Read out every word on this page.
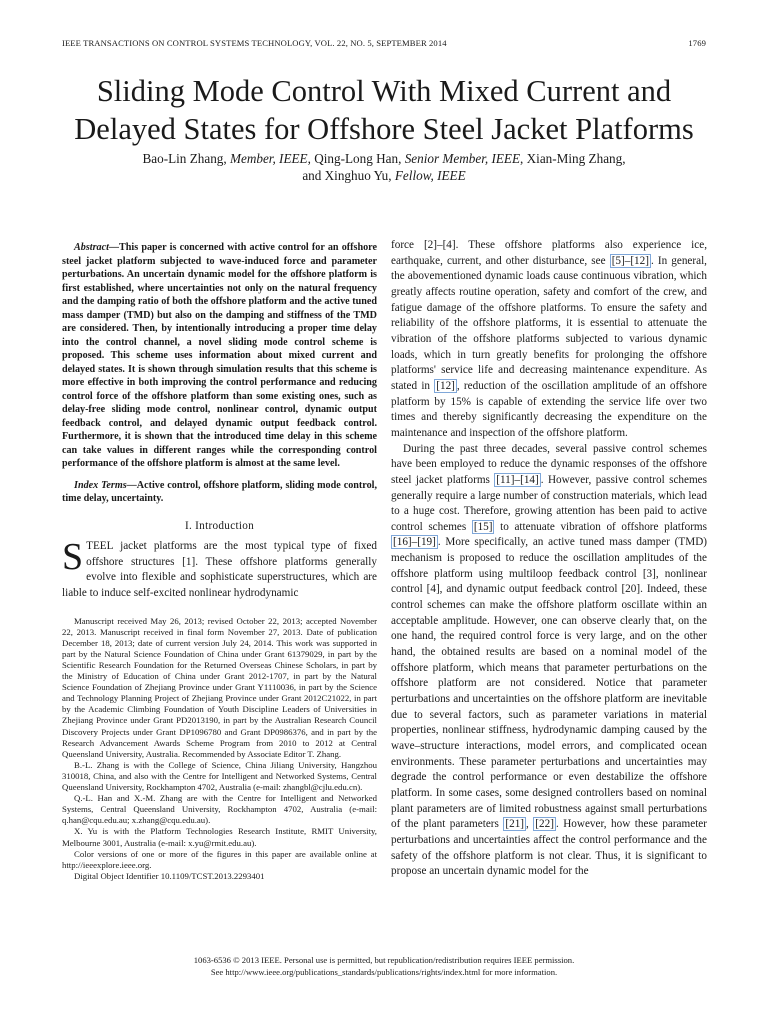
IEEE TRANSACTIONS ON CONTROL SYSTEMS TECHNOLOGY, VOL. 22, NO. 5, SEPTEMBER 2014	1769
Sliding Mode Control With Mixed Current and
Delayed States for Offshore Steel Jacket Platforms
Bao-Lin Zhang, Member, IEEE, Qing-Long Han, Senior Member, IEEE, Xian-Ming Zhang,
and Xinghuo Yu, Fellow, IEEE

Abstract—This paper is concerned with active control for an offshore steel jacket platform subjected to wave-induced force and parameter perturbations. An uncertain dynamic model for the offshore platform is first established, where uncertainties not only on the natural frequency and the damping ratio of both the offshore platform and the active tuned mass damper (TMD) but also on the damping and stiffness of the TMD are considered. Then, by intentionally introducing a proper time delay into the control channel, a novel sliding mode control scheme is proposed. This scheme uses information about mixed current and delayed states. It is shown through simulation results that this scheme is more effective in both improving the control performance and reducing control force of the offshore platform than some existing ones, such as delay-free sliding mode control, nonlinear control, dynamic output feedback control, and delayed dynamic output feedback control. Furthermore, it is shown that the introduced time delay in this scheme can take values in different ranges while the corresponding control performance of the offshore platform is almost at the same level.

Index Terms—Active control, offshore platform, sliding mode control, time delay, uncertainty.

I. Introduction

STEEL jacket platforms are the most typical type of fixed offshore structures [1]. These offshore platforms generally evolve into flexible and sophisticate superstructures, which are liable to induce self-excited nonlinear hydrodynamic

Manuscript received May 26, 2013; revised October 22, 2013; accepted November 22, 2013. Manuscript received in final form November 27, 2013. Date of publication December 18, 2013; date of current version July 24, 2014. This work was supported in part by the Natural Science Foundation of China under Grant 61379029, in part by the Scientific Research Foundation for the Returned Overseas Chinese Scholars, in part by the Ministry of Education of China under Grant 2012-1707, in part by the Natural Science Foundation of Zhejiang Province under Grant Y1110036, in part by the Science and Technology Planning Project of Zhejiang Province under Grant 2012C21022, in part by the Academic Climbing Foundation of Youth Discipline Leaders of Universities in Zhejiang Province under Grant PD2013190, in part by the Australian Research Council Discovery Projects under Grant DP1096780 and Grant DP0986376, and in part by the Research Advancement Awards Scheme Program from 2010 to 2012 at Central Queensland University, Australia. Recommended by Associate Editor T. Zhang.

B.-L. Zhang is with the College of Science, China Jiliang University, Hangzhou 310018, China, and also with the Centre for Intelligent and Networked Systems, Central Queensland University, Rockhampton 4702, Australia (e-mail: zhangbl@cjlu.edu.cn).

Q.-L. Han and X.-M. Zhang are with the Centre for Intelligent and Networked Systems, Central Queensland University, Rockhampton 4702, Australia (e-mail: q.han@cqu.edu.au; x.zhang@cqu.edu.au).

X. Yu is with the Platform Technologies Research Institute, RMIT University, Melbourne 3001, Australia (e-mail: x.yu@rmit.edu.au).

Color versions of one or more of the figures in this paper are available online at http://ieeexplore.ieee.org.

Digital Object Identifier 10.1109/TCST.2013.2293401

force [2]–[4]. These offshore platforms also experience ice, earthquake, current, and other disturbance, see [5]–[12] . In general, the abovementioned dynamic loads cause continuous vibration, which greatly affects routine operation, safety and comfort of the crew, and fatigue damage of the offshore platforms. To ensure the safety and reliability of the offshore platforms, it is essential to attenuate the vibration of the offshore platforms subjected to various dynamic loads, which in turn greatly benefits for prolonging the offshore platforms' service life and decreasing maintenance expenditure. As stated in [12] , reduction of the oscillation amplitude of an offshore platform by 15% is capable of extending the service life over two times and thereby significantly decreasing the expenditure on the maintenance and inspection of the offshore platform.

During the past three decades, several passive control schemes have been employed to reduce the dynamic responses of the offshore steel jacket platforms [11]–[14] . However, passive control schemes generally require a large number of construction materials, which lead to a huge cost. Therefore, growing attention has been paid to active control schemes [15] to attenuate vibration of offshore platforms [16]–[19] . More specifically, an active tuned mass damper (TMD) mechanism is proposed to reduce the oscillation amplitudes of the offshore platform using multiloop feedback control [3], nonlinear control [4], and dynamic output feedback control [20]. Indeed, these control schemes can make the offshore platform oscillate within an acceptable amplitude. However, one can observe clearly that, on the one hand, the required control force is very large, and on the other hand, the obtained results are based on a nominal model of the offshore platform, which means that parameter perturbations on the offshore platform are not considered. Notice that parameter perturbations and uncertainties on the offshore platform are inevitable due to several factors, such as parameter variations in material properties, nonlinear stiffness, hydrodynamic damping caused by the wave–structure interactions, model errors, and complicated ocean environments. These parameter perturbations and uncertainties may degrade the control performance or even destabilize the offshore platform. In some cases, some designed controllers based on nominal plant parameters are of limited robustness against small perturbations of the plant parameters [21] , [22] . However, how these parameter perturbations and uncertainties affect the control performance and the safety of the offshore platform is not clear. Thus, it is significant to propose an uncertain dynamic model for the

1063-6536 © 2013 IEEE. Personal use is permitted, but republication/redistribution requires IEEE permission.
See http://www.ieee.org/publications_standards/publications/rights/index.html for more information.
